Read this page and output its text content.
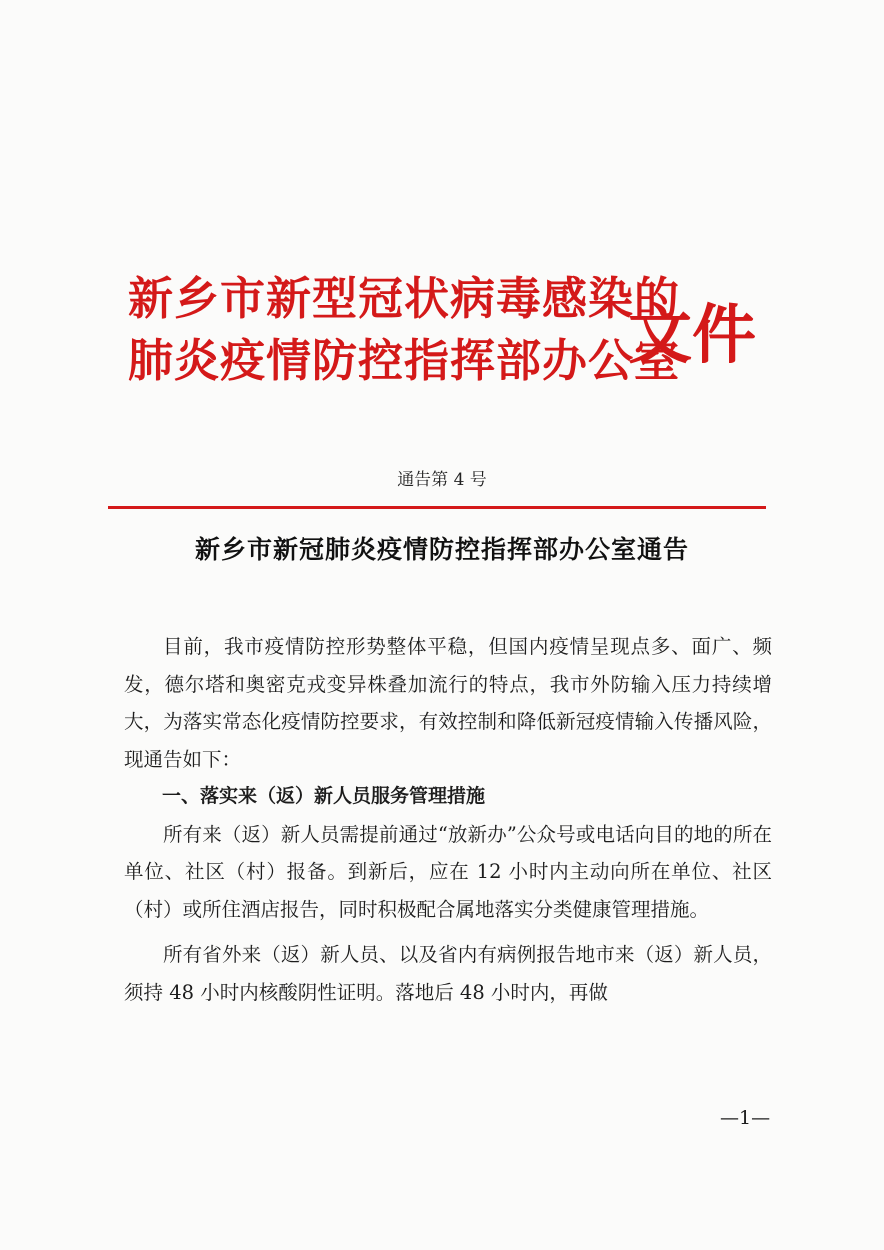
新乡市新型冠状病毒感染的
肺炎疫情防控指挥部办公室
文件
通告第 4 号
新乡市新冠肺炎疫情防控指挥部办公室通告

目前，我市疫情防控形势整体平稳，但国内疫情呈现点多、面广、频发，德尔塔和奥密克戎变异株叠加流行的特点，我市外防输入压力持续增大，为落实常态化疫情防控要求，有效控制和降低新冠疫情输入传播风险，现通告如下：

一、落实来（返）新人员服务管理措施

所有来（返）新人员需提前通过“放新办”公众号或电话向目的地的所在单位、社区（村）报备。到新后，应在 12 小时内主动向所在单位、社区（村）或所住酒店报告，同时积极配合属地落实分类健康管理措施。

所有省外来（返）新人员、以及省内有病例报告地市来（返）新人员，须持 48 小时内核酸阴性证明。落地后 48 小时内，再做

—1—
